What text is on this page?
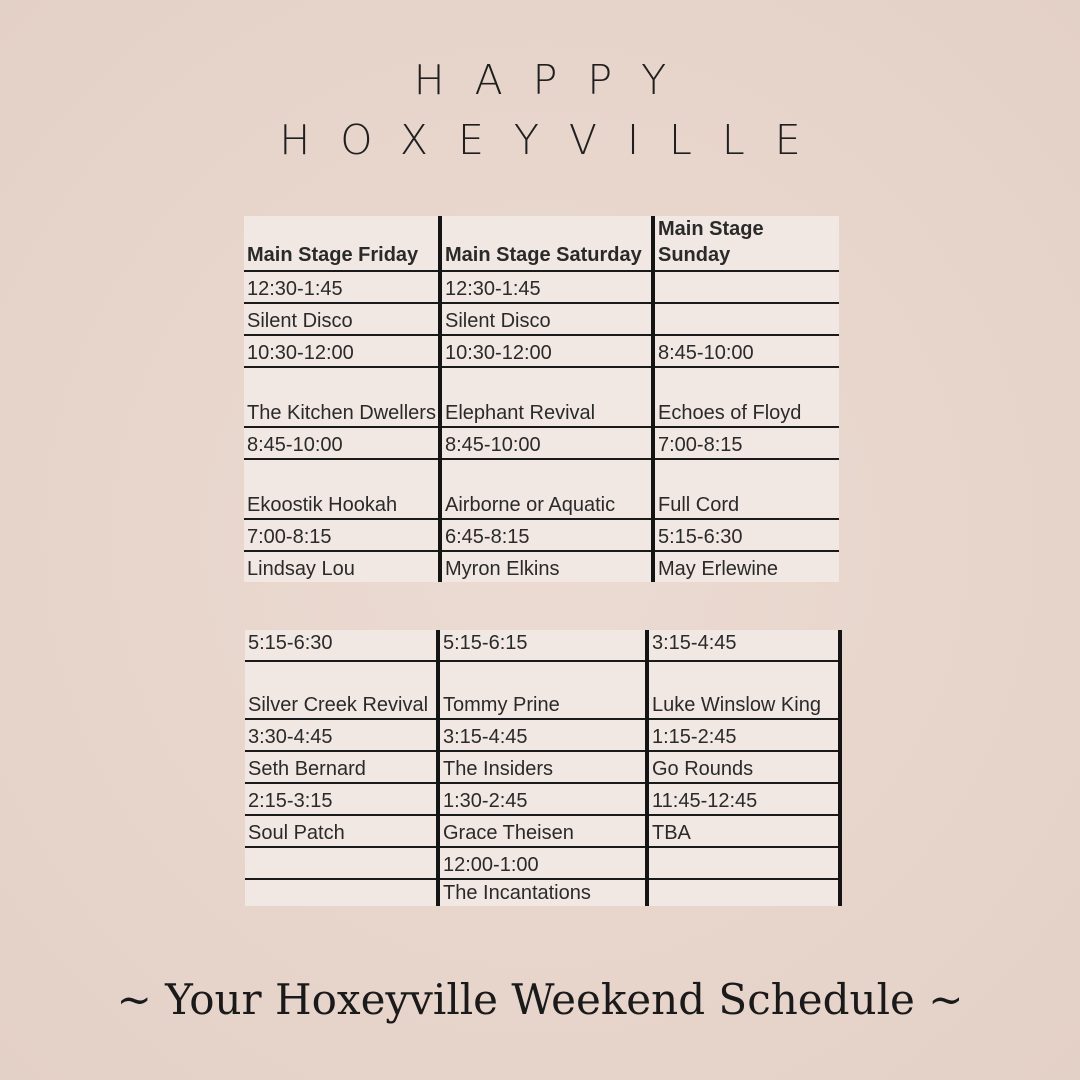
HAPPY
HOXEYVILLE
Main Stage Friday	Main Stage Saturday	Main Stage Sunday
12:30-1:45	12:30-1:45	
Silent Disco	Silent Disco	
10:30-12:00	10:30-12:00	8:45-10:00
The Kitchen Dwellers	Elephant Revival	Echoes of Floyd
8:45-10:00	8:45-10:00	7:00-8:15
Ekoostik Hookah	Airborne or Aquatic	Full Cord
7:00-8:15	6:45-8:15	5:15-6:30
Lindsay Lou	Myron Elkins	May Erlewine
5:15-6:30	5:15-6:15	3:15-4:45
Silver Creek Revival	Tommy Prine	Luke Winslow King
3:30-4:45	3:15-4:45	1:15-2:45
Seth Bernard	The Insiders	Go Rounds
2:15-3:15	1:30-2:45	11:45-12:45
Soul Patch	Grace Theisen	TBA
	12:00-1:00	
	The Incantations	
~ Your Hoxeyville Weekend Schedule ~
